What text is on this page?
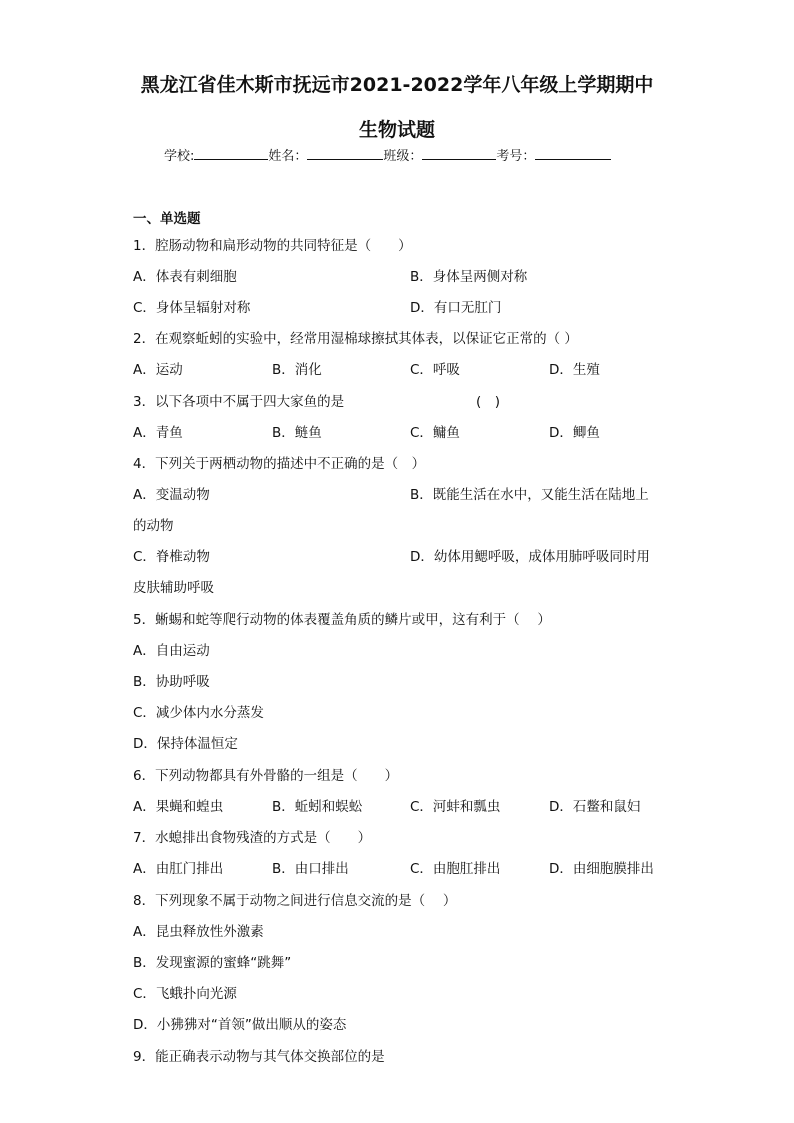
黑龙江省佳木斯市抚远市2021-2022学年八年级上学期期中
生物试题
学校:	姓名：	班级：	考号：
一、单选题
1．腔肠动物和扁形动物的共同特征是（　　）
A．体表有刺细胞	B．身体呈两侧对称
C．身体呈辐射对称	D．有口无肛门
2．在观察蚯蚓的实验中，经常用湿棉球擦拭其体表，以保证它正常的（ ）
A．运动	B．消化	C．呼吸	D．生殖
3．以下各项中不属于四大家鱼的是	(　)
A．青鱼	B．鲢鱼	C．鳙鱼	D．鲫鱼
4．下列关于两栖动物的描述中不正确的是（　）
A．变温动物	B．既能生活在水中，又能生活在陆地上
的动物
C．脊椎动物	D．幼体用鳃呼吸，成体用肺呼吸同时用
皮肤辅助呼吸
5．蜥蜴和蛇等爬行动物的体表覆盖角质的鳞片或甲，这有利于（　 ）
A．自由运动
B．协助呼吸
C．减少体内水分蒸发
D．保持体温恒定
6．下列动物都具有外骨骼的一组是（　　）
A．果蝇和蝗虫	B．蚯蚓和蜈蚣	C．河蚌和瓢虫	D．石鳖和鼠妇
7．水螅排出食物残渣的方式是（　　）
A．由肛门排出	B．由口排出	C．由胞肛排出	D．由细胞膜排出
8．下列现象不属于动物之间进行信息交流的是（　 ）
A．昆虫释放性外激素
B．发现蜜源的蜜蜂“跳舞”
C．飞蛾扑向光源
D．小狒狒对“首领”做出顺从的姿态
9．能正确表示动物与其气体交换部位的是
